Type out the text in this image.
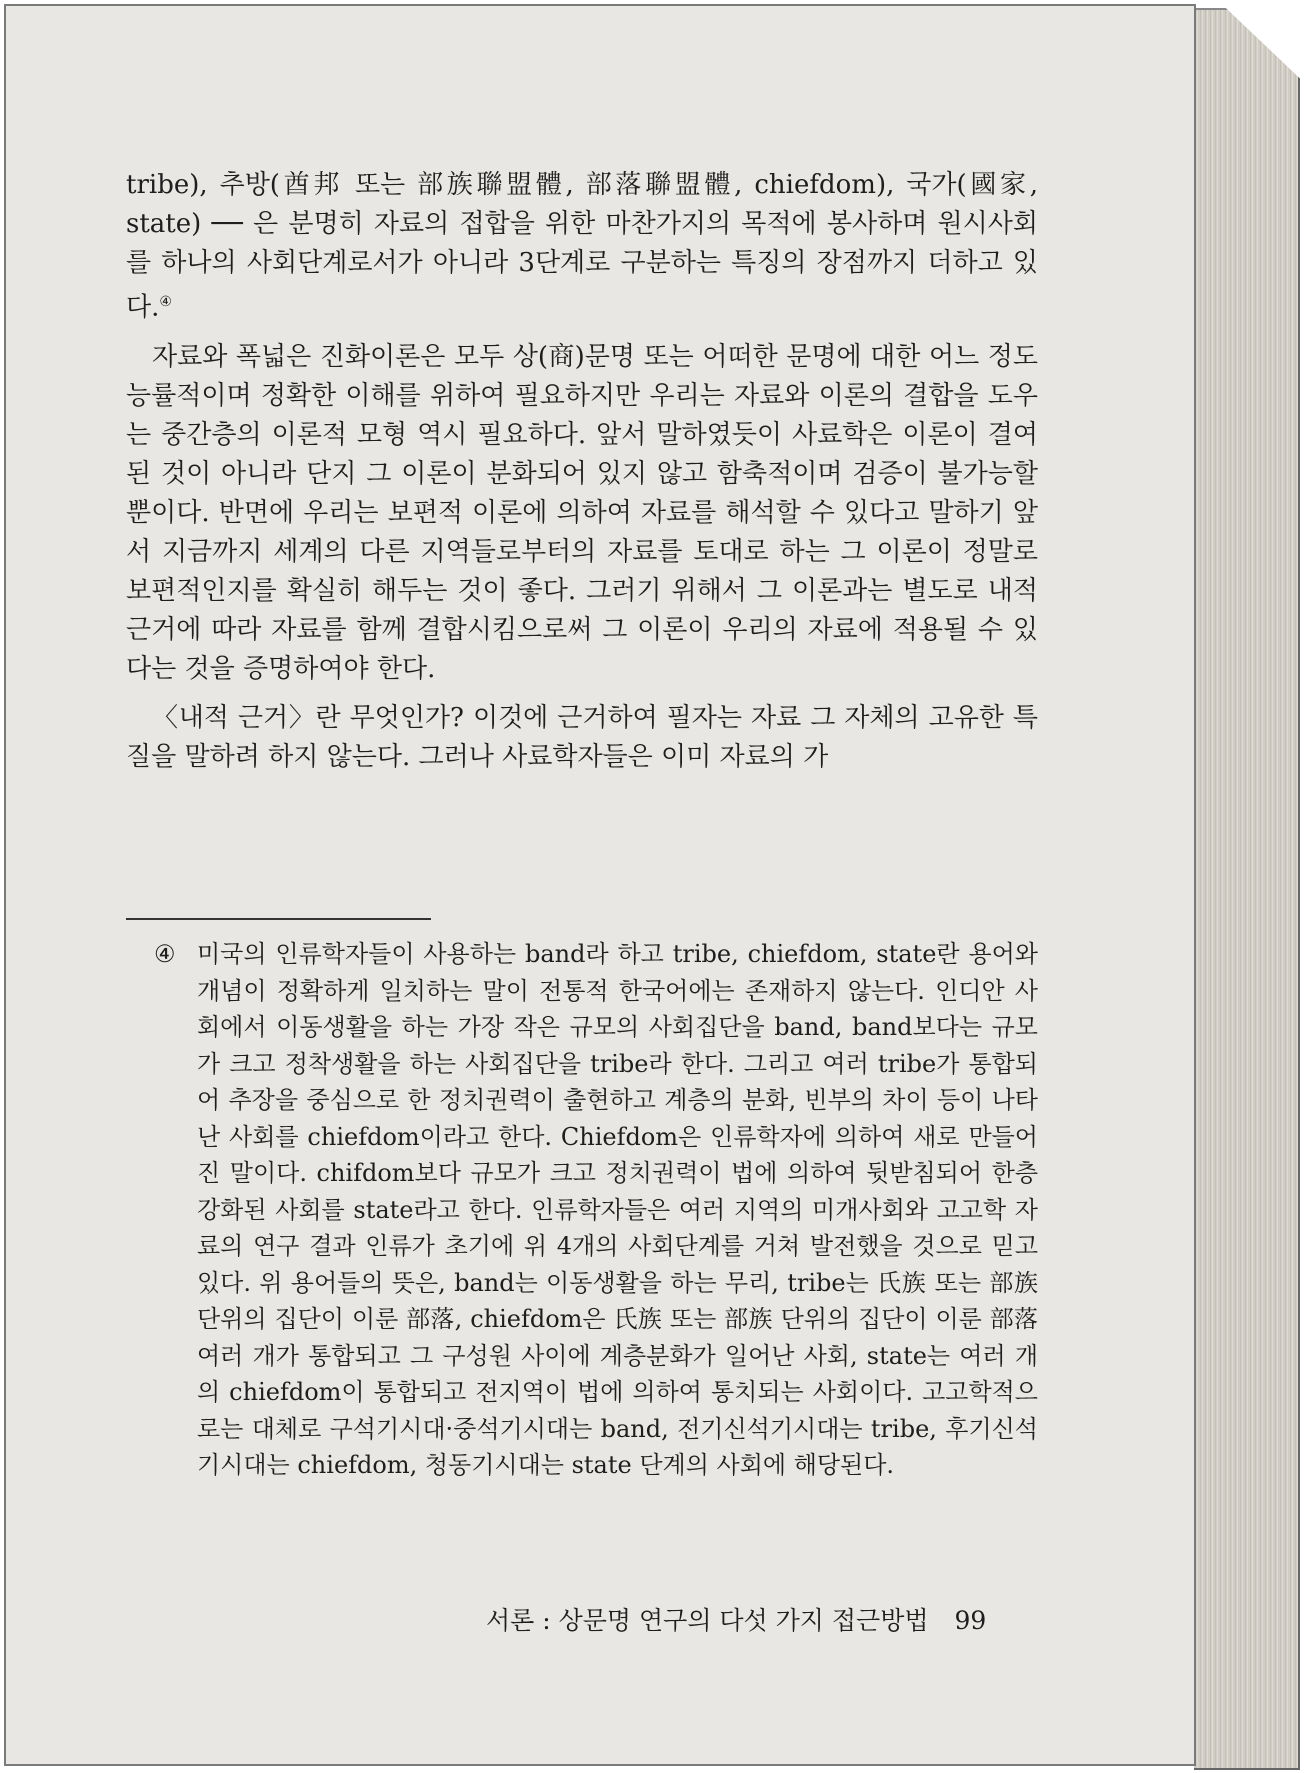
tribe), 추방(酋邦 또는 部族聯盟體, 部落聯盟體, chiefdom), 국가(國家, state) ── 은 분명히 자료의 접합을 위한 마찬가지의 목적에 봉사하며 원시사회를 하나의 사회단계로서가 아니라 3단계로 구분하는 특징의 장점까지 더하고 있다.④

자료와 폭넓은 진화이론은 모두 상(商)문명 또는 어떠한 문명에 대한 어느 정도 능률적이며 정확한 이해를 위하여 필요하지만 우리는 자료와 이론의 결합을 도우는 중간층의 이론적 모형 역시 필요하다. 앞서 말하였듯이 사료학은 이론이 결여된 것이 아니라 단지 그 이론이 분화되어 있지 않고 함축적이며 검증이 불가능할 뿐이다. 반면에 우리는 보편적 이론에 의하여 자료를 해석할 수 있다고 말하기 앞서 지금까지 세계의 다른 지역들로부터의 자료를 토대로 하는 그 이론이 정말로 보편적인지를 확실히 해두는 것이 좋다. 그러기 위해서 그 이론과는 별도로 내적 근거에 따라 자료를 함께 결합시킴으로써 그 이론이 우리의 자료에 적용될 수 있다는 것을 증명하여야 한다.

〈내적 근거〉란 무엇인가? 이것에 근거하여 필자는 자료 그 자체의 고유한 특질을 말하려 하지 않는다. 그러나 사료학자들은 이미 자료의 가

④ 미국의 인류학자들이 사용하는 band라 하고 tribe, chiefdom, state란 용어와 개념이 정확하게 일치하는 말이 전통적 한국어에는 존재하지 않는다. 인디안 사회에서 이동생활을 하는 가장 작은 규모의 사회집단을 band, band보다는 규모가 크고 정착생활을 하는 사회집단을 tribe라 한다. 그리고 여러 tribe가 통합되어 추장을 중심으로 한 정치권력이 출현하고 계층의 분화, 빈부의 차이 등이 나타난 사회를 chiefdom이라고 한다. Chiefdom은 인류학자에 의하여 새로 만들어진 말이다. chifdom보다 규모가 크고 정치권력이 법에 의하여 뒷받침되어 한층 강화된 사회를 state라고 한다. 인류학자들은 여러 지역의 미개사회와 고고학 자료의 연구 결과 인류가 초기에 위 4개의 사회단계를 거쳐 발전했을 것으로 믿고 있다. 위 용어들의 뜻은, band는 이동생활을 하는 무리, tribe는 氏族 또는 部族 단위의 집단이 이룬 部落, chiefdom은 氏族 또는 部族 단위의 집단이 이룬 部落 여러 개가 통합되고 그 구성원 사이에 계층분화가 일어난 사회, state는 여러 개의 chiefdom이 통합되고 전지역이 법에 의하여 통치되는 사회이다. 고고학적으로는 대체로 구석기시대·중석기시대는 band, 전기신석기시대는 tribe, 후기신석기시대는 chiefdom, 청동기시대는 state 단계의 사회에 해당된다.
서론 : 상문명 연구의 다섯 가지 접근방법 99
